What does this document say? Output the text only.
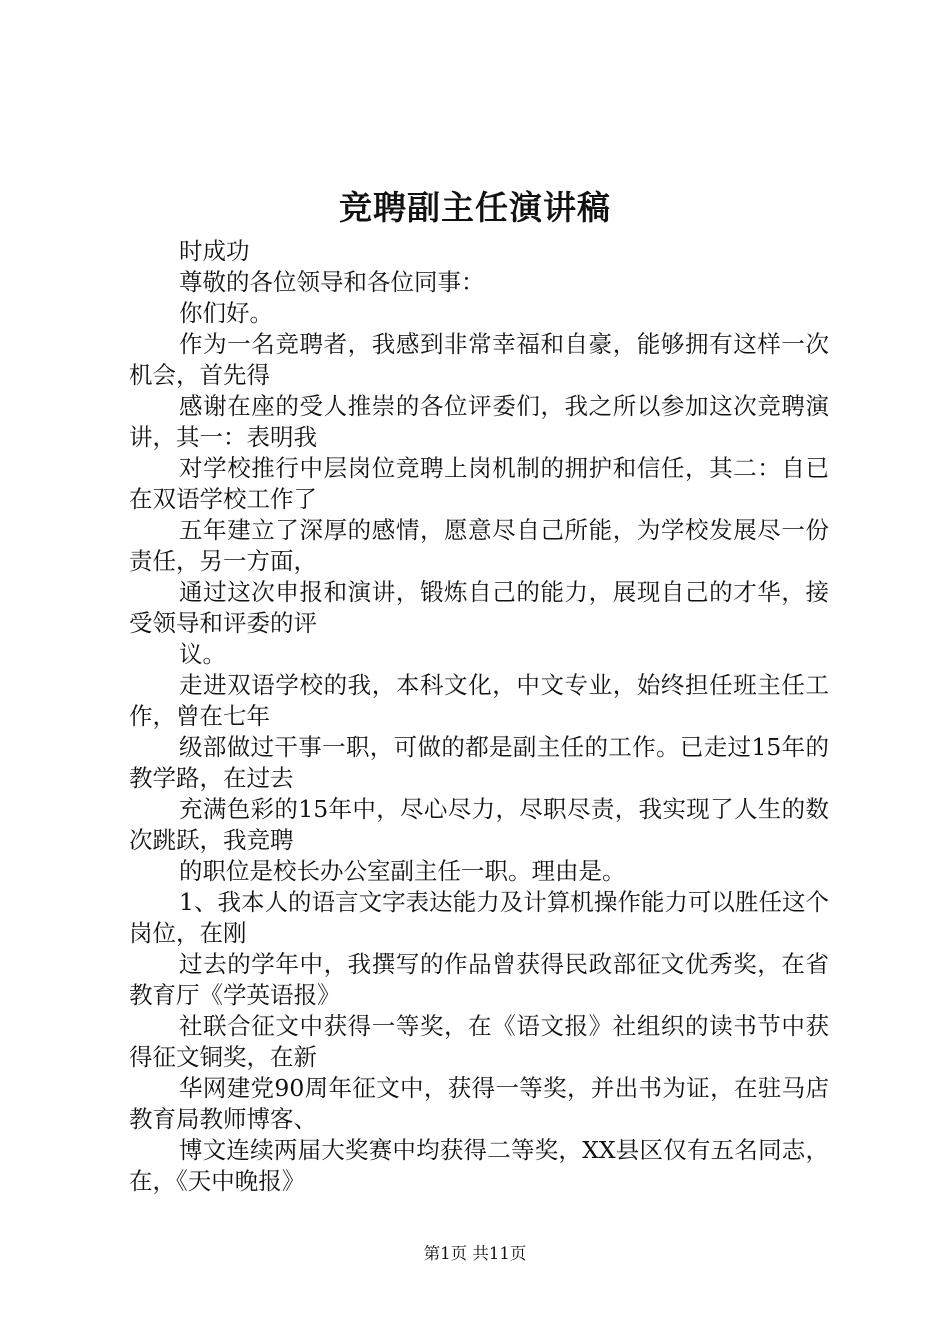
竞聘副主任演讲稿

时成功

尊敬的各位领导和各位同事：

你们好。

作为一名竞聘者，我感到非常幸福和自豪，能够拥有这样一次机会，首先得

感谢在座的受人推崇的各位评委们，我之所以参加这次竞聘演讲，其一：表明我

对学校推行中层岗位竞聘上岗机制的拥护和信任，其二：自已在双语学校工作了

五年建立了深厚的感情，愿意尽自己所能，为学校发展尽一份责任，另一方面，

通过这次申报和演讲，锻炼自己的能力，展现自己的才华，接受领导和评委的评

议。

走进双语学校的我，本科文化，中文专业，始终担任班主任工作，曾在七年

级部做过干事一职，可做的都是副主任的工作。已走过15年的教学路，在过去

充满色彩的15年中，尽心尽力，尽职尽责，我实现了人生的数次跳跃，我竞聘

的职位是校长办公室副主任一职。理由是。

1、我本人的语言文字表达能力及计算机操作能力可以胜任这个岗位，在刚

过去的学年中，我撰写的作品曾获得民政部征文优秀奖，在省教育厅《学英语报》

社联合征文中获得一等奖，在《语文报》社组织的读书节中获得征文铜奖，在新

华网建党90周年征文中，获得一等奖，并出书为证，在驻马店教育局教师博客、

博文连续两届大奖赛中均获得二等奖，XX县区仅有五名同志，在，《天中晚报》

第1页 共11页
